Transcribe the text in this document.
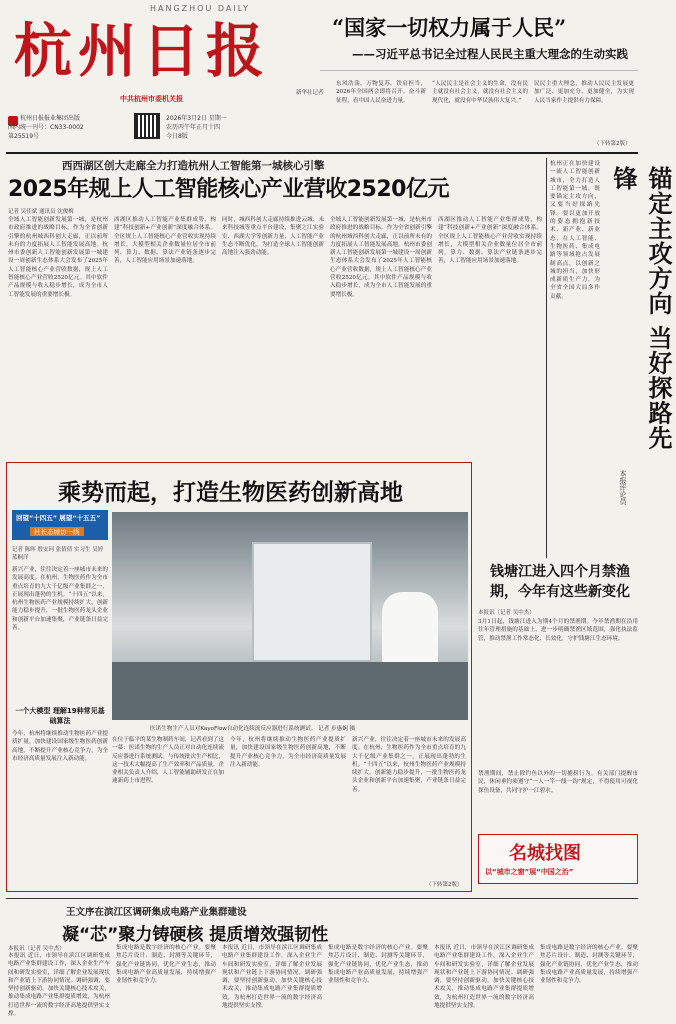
HANGZHOU DAILY
杭州日报
中共杭州市委机关报
杭州日报报业集团出版
国内统一刊号：CN33-0002
第25519号
2026年3月2日 星期一
农历丙午年正月十四
今日8版
“国家一切权力属于人民”
——习近平总书记全过程人民民主重大理念的生动实践
新华社记者
东风浩荡，万物复苏。铁肩担当，2026年全国两会即将召开。奋斗新征程，看中国人民奋进力量。
“人民民主是社会主义的生命，没有民主就没有社会主义，就没有社会主义的现代化，就没有中华民族伟大复兴。”
民民主重大理念，推动人民民主发展更加广泛、更加充分、更加健全，为实现人民当家作主提供有力保障。
（下转第2版）
西西湖区创大走廊全力打造杭州人工智能第一城核心引擎
2025年规上人工智能核心产业营收2520亿元
记者 吴佳斌 通讯员 沈俊梅
全域人工智能创新发展第一城，是杭州市政府推进的战略目标。作为全省创新引擎的杭州城西科创大走廊，正以前所未有的力度拓展人工智能发展高地。杭州市委创新人工智能创新发展第一城建设一周创新生态体系大会发布了2025年人工智能核心产业营收数据，规上人工智能核心产业营收2520亿元。其中软件产品规模与收入稳步增长，成为全市人工智能发展的重要增长极。
西湖区推动人工智能产业集群成势，构建“科技创新+产业创新”深度融合体系。全区规上人工智能核心产业营收实现持续增长，大模型相关企业数量位居全市前列，算力、数据、算法产业链条逐步完善，人工智能应用场景加速落地。
同时，城西科创大走廊持续推进云城、未来科技城等重点平台建设，集聚之江实验室、西湖大学等创新力量，人工智能产业生态不断优化，为打造全球人工智能创新高地注入强劲动能。
全域人工智能创新发展第一城，是杭州市政府推进的战略目标。作为全省创新引擎的杭州城西科创大走廊，正以前所未有的力度拓展人工智能发展高地。杭州市委创新人工智能创新发展第一城建设一周创新生态体系大会发布了2025年人工智能核心产业营收数据，规上人工智能核心产业营收2520亿元。其中软件产品规模与收入稳步增长，成为全市人工智能发展的重要增长极。
西湖区推动人工智能产业集群成势，构建“科技创新+产业创新”深度融合体系。全区规上人工智能核心产业营收实现持续增长，大模型相关企业数量位居全市前列，算力、数据、算法产业链条逐步完善，人工智能应用场景加速落地。
杭州正在加快建设一流人工智能创新城市，全力打造人工智能第一城，既要锚定主攻方向，又要当好探路先锋。要以更加开放的姿态拥抱新技术、新产业、新业态，在人工智能、生物医药、集成电路等领域抢占发展制高点，以创新之城的担当，加快形成新质生产力，为全省全国大局多作贡献。	锚定主攻方向 当好探路先锋
本报评论员
乘势而起，打造生物医药创新高地
回望“十四五” 展望“十五五”
杜长态城访一线
记者 陈晖 殷安珂 张倩倩 实习生 吴婷 蓝桐洋
新兴产业，往往决定着一座城市未来的发展高度。在杭州，生物医药作为全市重点培育的九大千亿级产业集群之一，正展现出蓬勃的生机。“十四五”以来，杭州生物医药产业规模持续扩大，创新能力稳步提升，一批生物医药龙头企业和创新平台加速集聚，产业链条日益完善。
一个大模型 理解19种常见基础算法
今年，杭州将继续推动生物医药产业提质扩量，加快建设国家级生物医药创新高地，不断提升产业核心竞争力，为全市经济高质量发展注入新动能。
医诺生物生产人员对KayoFlow自动化连续流反应器进行系统测试。 记者 步惠娴 摄
在位于临平的某生物制药车间，记者看到了这一幕：医诺生物的生产人员正对自动化连续流反应器进行系统测试。与传统批次生产相比，这一技术大幅提高了生产效率和产品质量。企业相关负责人介绍，人工智能辅助研发正在加速新药上市进程。
今年，杭州将继续推动生物医药产业提质扩量，加快建设国家级生物医药创新高地，不断提升产业核心竞争力，为全市经济高质量发展注入新动能。
新兴产业，往往决定着一座城市未来的发展高度。在杭州，生物医药作为全市重点培育的九大千亿级产业集群之一，正展现出蓬勃的生机。“十四五”以来，杭州生物医药产业规模持续扩大，创新能力稳步提升，一批生物医药龙头企业和创新平台加速集聚，产业链条日益完善。
（下转第2版）
钱塘江进入四个月禁渔期，今年有这些新变化
本报讯（记者 吴中杰）
3月1日起，钱塘江进入为期4个月的禁渔期。今年禁渔期在沿用往年管理措施的基础上，进一步明确禁渔区域范围，强化执法监管，推动禁渔工作常态化、长效化，守护钱塘江生态环境。
禁渔期间，禁止除钓鱼以外的一切捕捞行为。有关部门提醒市民，休闲垂钓须遵守“一人一竿一线一钩”规定，不得使用可视化探鱼设备，共同守护一江碧水。
名城找图
以“城市之窗”展“中国之治”
王文序在滨江区调研集成电路产业集群建设
凝“芯”聚力铸硬核 提质增效强韧性
本报讯（记者 吴中杰）
本报讯 近日，市领导在滨江区调研集成电路产业集群建设工作，深入企业生产车间和研发实验室，详细了解企业发展现状和产业链上下游协同情况。调研强调，要坚持创新驱动，加快关键核心技术攻关，推动集成电路产业集群提质增效，为杭州打造世界一流的数字经济高地提供坚实支撑。
集成电路是数字经济的核心产业。要聚焦芯片设计、制造、封测等关键环节，强化产业链协同，优化产业生态，推动集成电路产业高质量发展，持续增强产业韧性和竞争力。
本报讯 近日，市领导在滨江区调研集成电路产业集群建设工作，深入企业生产车间和研发实验室，详细了解企业发展现状和产业链上下游协同情况。调研强调，要坚持创新驱动，加快关键核心技术攻关，推动集成电路产业集群提质增效，为杭州打造世界一流的数字经济高地提供坚实支撑。
集成电路是数字经济的核心产业。要聚焦芯片设计、制造、封测等关键环节，强化产业链协同，优化产业生态，推动集成电路产业高质量发展，持续增强产业韧性和竞争力。
本报讯 近日，市领导在滨江区调研集成电路产业集群建设工作，深入企业生产车间和研发实验室，详细了解企业发展现状和产业链上下游协同情况。调研强调，要坚持创新驱动，加快关键核心技术攻关，推动集成电路产业集群提质增效，为杭州打造世界一流的数字经济高地提供坚实支撑。
集成电路是数字经济的核心产业。要聚焦芯片设计、制造、封测等关键环节，强化产业链协同，优化产业生态，推动集成电路产业高质量发展，持续增强产业韧性和竞争力。
